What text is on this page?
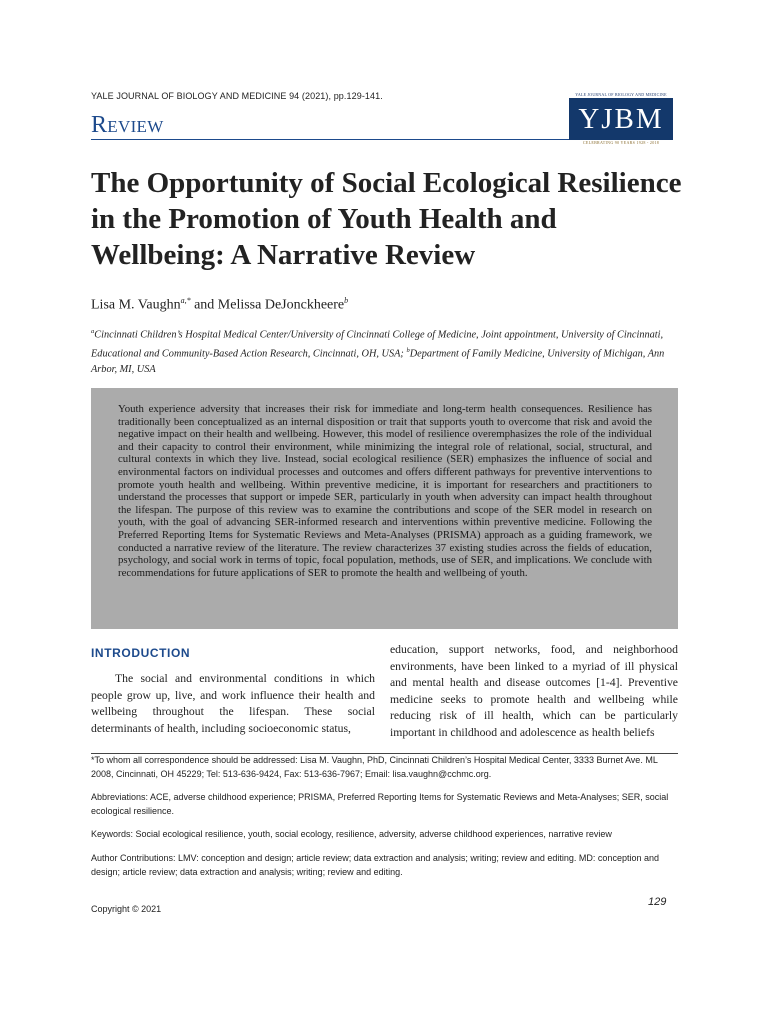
YALE JOURNAL OF BIOLOGY AND MEDICINE 94 (2021), pp.129-141.
Review
YALE JOURNAL OF BIOLOGY AND MEDICINE
YJBM
CELEBRATING 90 YEARS 1928 - 2018
The Opportunity of Social Ecological Resilience in the Promotion of Youth Health and Wellbeing: A Narrative Review
Lisa M. Vaughn$^{a,*}$ and Melissa DeJonckheere$^b$
$^a$Cincinnati Children’s Hospital Medical Center/University of Cincinnati College of Medicine, Joint appointment, University of Cincinnati, Educational and Community-Based Action Research, Cincinnati, OH, USA; $^b$Department of Family Medicine, University of Michigan, Ann Arbor, MI, USA
Youth experience adversity that increases their risk for immediate and long-term health consequences. Resilience has traditionally been conceptualized as an internal disposition or trait that supports youth to overcome that risk and avoid the negative impact on their health and wellbeing. However, this model of resilience overemphasizes the role of the individual and their capacity to control their environment, while minimizing the integral role of relational, social, structural, and cultural contexts in which they live. Instead, social ecological resilience (SER) emphasizes the influence of social and environmental factors on individual processes and outcomes and offers different pathways for preventive interventions to promote youth health and wellbeing. Within preventive medicine, it is important for researchers and practitioners to understand the processes that support or impede SER, particularly in youth when adversity can impact health throughout the lifespan. The purpose of this review was to examine the contributions and scope of the SER model in research on youth, with the goal of advancing SER-informed research and interventions within preventive medicine. Following the Preferred Reporting Items for Systematic Reviews and Meta-Analyses (PRISMA) approach as a guiding framework, we conducted a narrative review of the literature. The review characterizes 37 existing studies across the fields of education, psychology, and social work in terms of topic, focal population, methods, use of SER, and implications. We conclude with recommendations for future applications of SER to promote the health and wellbeing of youth.
INTRODUCTION
The social and environmental conditions in which people grow up, live, and work influence their health and wellbeing throughout the lifespan. These social determinants of health, including socioeconomic status,
education, support networks, food, and neighborhood environments, have been linked to a myriad of ill physical and mental health and disease outcomes [1-4]. Preventive medicine seeks to promote health and wellbeing while reducing risk of ill health, which can be particularly important in childhood and adolescence as health beliefs
*To whom all correspondence should be addressed: Lisa M. Vaughn, PhD, Cincinnati Children’s Hospital Medical Center, 3333 Burnet Ave. ML 2008, Cincinnati, OH 45229; Tel: 513-636-9424, Fax: 513-636-7967; Email: lisa.vaughn@cchmc.org.
Abbreviations: ACE, adverse childhood experience; PRISMA, Preferred Reporting Items for Systematic Reviews and Meta-Analyses; SER, social ecological resilience.
Keywords: Social ecological resilience, youth, social ecology, resilience, adversity, adverse childhood experiences, narrative review
Author Contributions: LMV: conception and design; article review; data extraction and analysis; writing; review and editing. MD: conception and design; article review; data extraction and analysis; writing; review and editing.
Copyright © 2021
129
